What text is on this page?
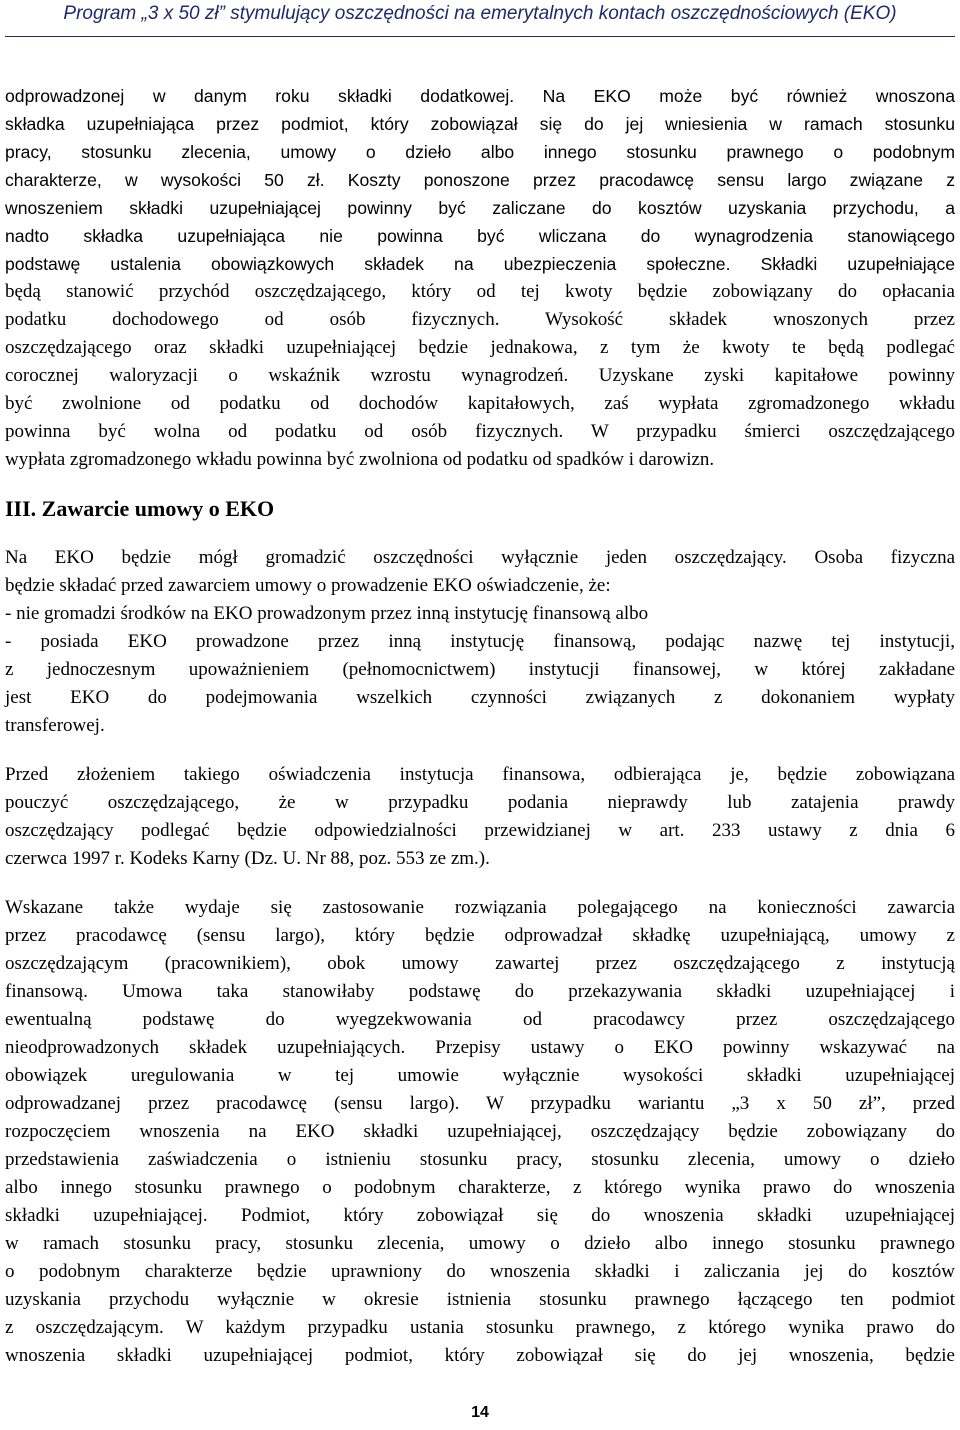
Program „3 x 50 zł” stymulujący oszczędności na emerytalnych kontach oszczędnościowych (EKO)

odprowadzonej w danym roku składki dodatkowej. Na EKO może być również wnoszona

składka uzupełniająca przez podmiot, który zobowiązał się do jej wniesienia w ramach stosunku

pracy, stosunku zlecenia, umowy o dzieło albo innego stosunku prawnego o podobnym

charakterze, w wysokości 50 zł. Koszty ponoszone przez pracodawcę sensu largo związane z

wnoszeniem składki uzupełniającej powinny być zaliczane do kosztów uzyskania przychodu, a

nadto składka uzupełniająca nie powinna być wliczana do wynagrodzenia stanowiącego

podstawę ustalenia obowiązkowych składek na ubezpieczenia społeczne. Składki uzupełniające

będą stanowić przychód oszczędzającego, który od tej kwoty będzie zobowiązany do opłacania

podatku dochodowego od osób fizycznych. Wysokość składek wnoszonych przez

oszczędzającego oraz składki uzupełniającej będzie jednakowa, z tym że kwoty te będą podlegać

corocznej waloryzacji o wskaźnik wzrostu wynagrodzeń. Uzyskane zyski kapitałowe powinny

być zwolnione od podatku od dochodów kapitałowych, zaś wypłata zgromadzonego wkładu

powinna być wolna od podatku od osób fizycznych. W przypadku śmierci oszczędzającego

wypłata zgromadzonego wkładu powinna być zwolniona od podatku od spadków i darowizn.

III. Zawarcie umowy o EKO

Na EKO będzie mógł gromadzić oszczędności wyłącznie jeden oszczędzający. Osoba fizyczna

będzie składać przed zawarciem umowy o prowadzenie EKO oświadczenie, że:

- nie gromadzi środków na EKO prowadzonym przez inną instytucję finansową albo

- posiada EKO prowadzone przez inną instytucję finansową, podając nazwę tej instytucji,

z jednoczesnym upoważnieniem (pełnomocnictwem) instytucji finansowej, w której zakładane

jest EKO do podejmowania wszelkich czynności związanych z dokonaniem wypłaty

transferowej.

Przed złożeniem takiego oświadczenia instytucja finansowa, odbierająca je, będzie zobowiązana

pouczyć oszczędzającego, że w przypadku podania nieprawdy lub zatajenia prawdy

oszczędzający podlegać będzie odpowiedzialności przewidzianej w art. 233 ustawy z dnia 6

czerwca 1997 r. Kodeks Karny (Dz. U. Nr 88, poz. 553 ze zm.).

Wskazane także wydaje się zastosowanie rozwiązania polegającego na konieczności zawarcia

przez pracodawcę (sensu largo), który będzie odprowadzał składkę uzupełniającą, umowy z

oszczędzającym (pracownikiem), obok umowy zawartej przez oszczędzającego z instytucją

finansową. Umowa taka stanowiłaby podstawę do przekazywania składki uzupełniającej i

ewentualną podstawę do wyegzekwowania od pracodawcy przez oszczędzającego

nieodprowadzonych składek uzupełniających. Przepisy ustawy o EKO powinny wskazywać na

obowiązek uregulowania w tej umowie wyłącznie wysokości składki uzupełniającej

odprowadzanej przez pracodawcę (sensu largo). W przypadku wariantu „3 x 50 zł”, przed

rozpoczęciem wnoszenia na EKO składki uzupełniającej, oszczędzający będzie zobowiązany do

przedstawienia zaświadczenia o istnieniu stosunku pracy, stosunku zlecenia, umowy o dzieło

albo innego stosunku prawnego o podobnym charakterze, z którego wynika prawo do wnoszenia

składki uzupełniającej. Podmiot, który zobowiązał się do wnoszenia składki uzupełniającej

w ramach stosunku pracy, stosunku zlecenia, umowy o dzieło albo innego stosunku prawnego

o podobnym charakterze będzie uprawniony do wnoszenia składki i zaliczania jej do kosztów

uzyskania przychodu wyłącznie w okresie istnienia stosunku prawnego łączącego ten podmiot

z oszczędzającym. W każdym przypadku ustania stosunku prawnego, z którego wynika prawo do

wnoszenia składki uzupełniającej podmiot, który zobowiązał się do jej wnoszenia, będzie

14
